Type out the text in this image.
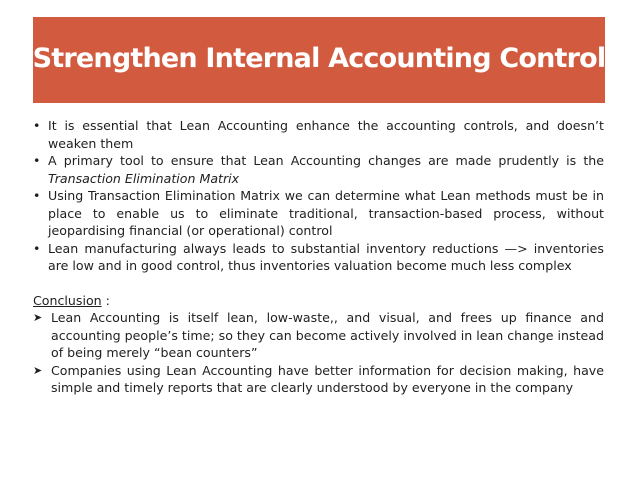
Strengthen Internal Accounting Control
• It is essential that Lean Accounting enhance the accounting controls, and doesn’t weaken them
• A primary tool to ensure that Lean Accounting changes are made prudently is the Transaction Elimination Matrix
• Using Transaction Elimination Matrix we can determine what Lean methods must be in place to enable us to eliminate traditional, transaction-based process, without jeopardising financial (or operational) control
• Lean manufacturing always leads to substantial inventory reductions —> inventories are low and in good control, thus inventories valuation become much less complex
Conclusion :
➤ Lean Accounting is itself lean, low-waste,, and visual, and frees up finance and accounting people’s time; so they can become actively involved in lean change instead of being merely “bean counters”
➤ Companies using Lean Accounting have better information for decision making, have simple and timely reports that are clearly understood by everyone in the company
